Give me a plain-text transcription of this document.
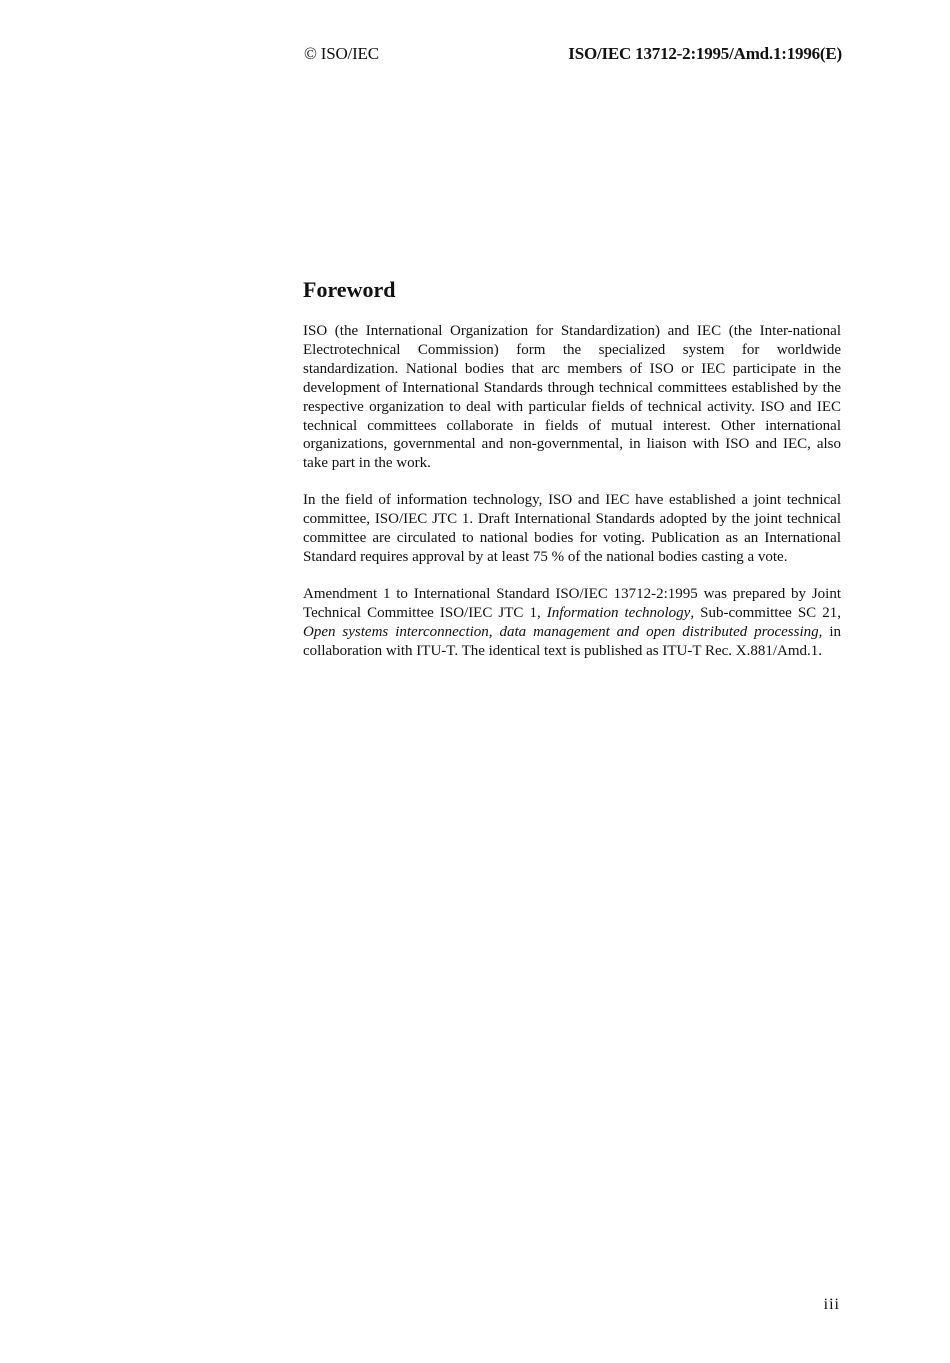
© ISO/IEC	ISO/IEC 13712-2:1995/Amd.1:1996(E)
Foreword

ISO (the International Organization for Standardization) and IEC (the Inter-national Electrotechnical Commission) form the specialized system for worldwide standardization. National bodies that arc members of ISO or IEC participate in the development of International Standards through technical committees established by the respective organization to deal with particular fields of technical activity. ISO and IEC technical committees collaborate in fields of mutual interest. Other international organizations, governmental and non-governmental, in liaison with ISO and IEC, also take part in the work.

In the field of information technology, ISO and IEC have established a joint technical committee, ISO/IEC JTC 1. Draft International Standards adopted by the joint technical committee are circulated to national bodies for voting. Publication as an International Standard requires approval by at least 75 % of the national bodies casting a vote.

Amendment 1 to International Standard ISO/IEC 13712-2:1995 was prepared by Joint Technical Committee ISO/IEC JTC 1, Information technology, Sub-committee SC 21, Open systems interconnection, data management and open distributed processing, in collaboration with ITU-T. The identical text is published as ITU-T Rec. X.881/Amd.1.

iii
